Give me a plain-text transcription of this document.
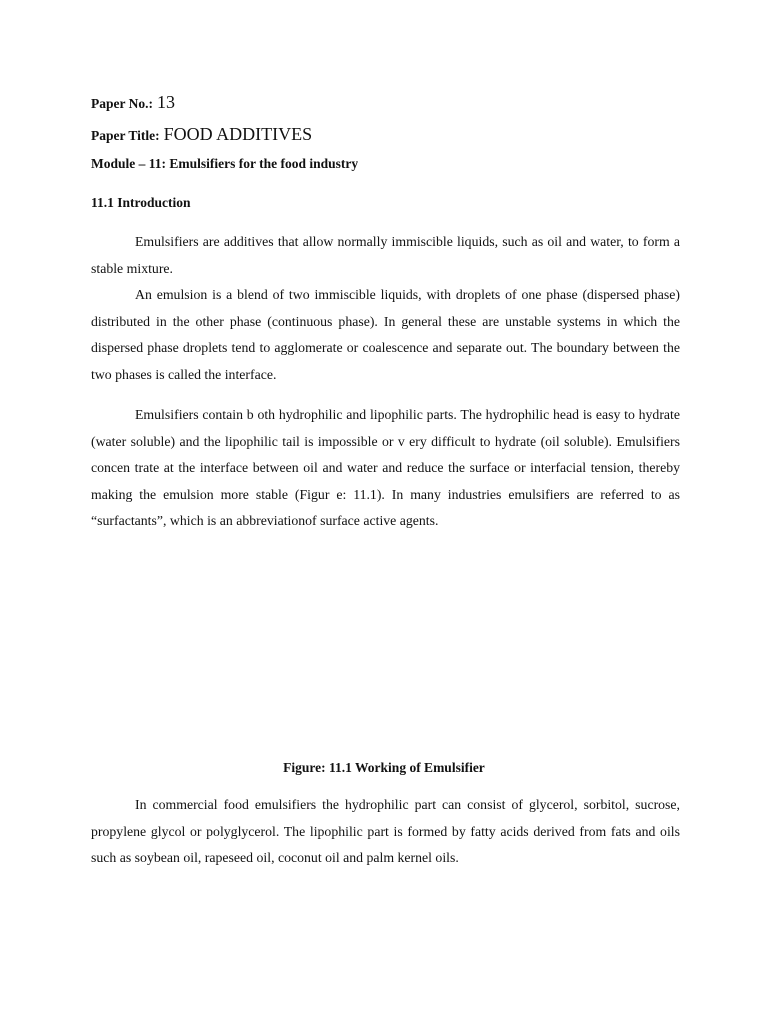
Paper No.: 13
Paper Title: FOOD ADDITIVES
Module – 11: Emulsifiers for the food industry
11.1 Introduction

Emulsifiers are additives that allow normally immiscible liquids, such as oil and water, to form a stable mixture.

An emulsion is a blend of two immiscible liquids, with droplets of one phase (dispersed phase) distributed in the other phase (continuous phase). In general these are unstable systems in which the dispersed phase droplets tend to agglomerate or coalescence and separate out. The boundary between the two phases is called the interface.

Emulsifiers contain b oth hydrophilic and lipophilic parts. The hydrophilic head is easy to hydrate (water soluble) and the lipophilic tail is impossible or v ery difficult to hydrate (oil soluble). Emulsifiers concen trate at the interface between oil and water and reduce the surface or interfacial tension, thereby making the emulsion more stable (Figur e: 11.1). In many industries emulsifiers are referred to as “surfactants”, which is an abbreviationof surface active agents.

Figure: 11.1 Working of Emulsifier

In commercial food emulsifiers the hydrophilic part can consist of glycerol, sorbitol, sucrose, propylene glycol or polyglycerol. The lipophilic part is formed by fatty acids derived from fats and oils such as soybean oil, rapeseed oil, coconut oil and palm kernel oils.
